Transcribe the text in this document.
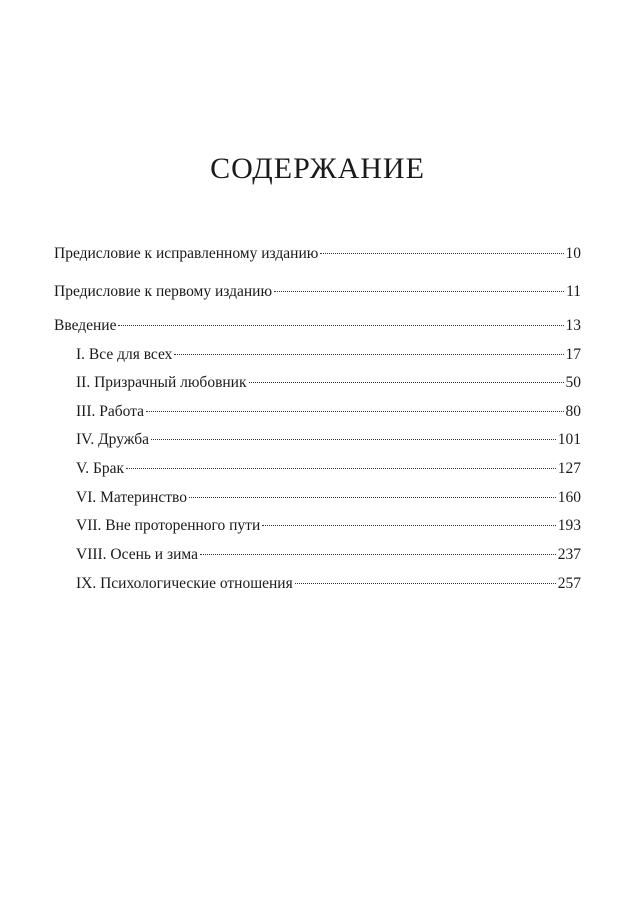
СОДЕРЖАНИЕ
Предисловие к исправленному изданию	10
Предисловие к первому изданию	11
Введение	13
I. Все для всех	17
II. Призрачный любовник	50
III. Работа	80
IV. Дружба	101
V. Брак	127
VI. Материнство	160
VII. Вне проторенного пути	193
VIII. Осень и зима	237
IX. Психологические отношения	257
